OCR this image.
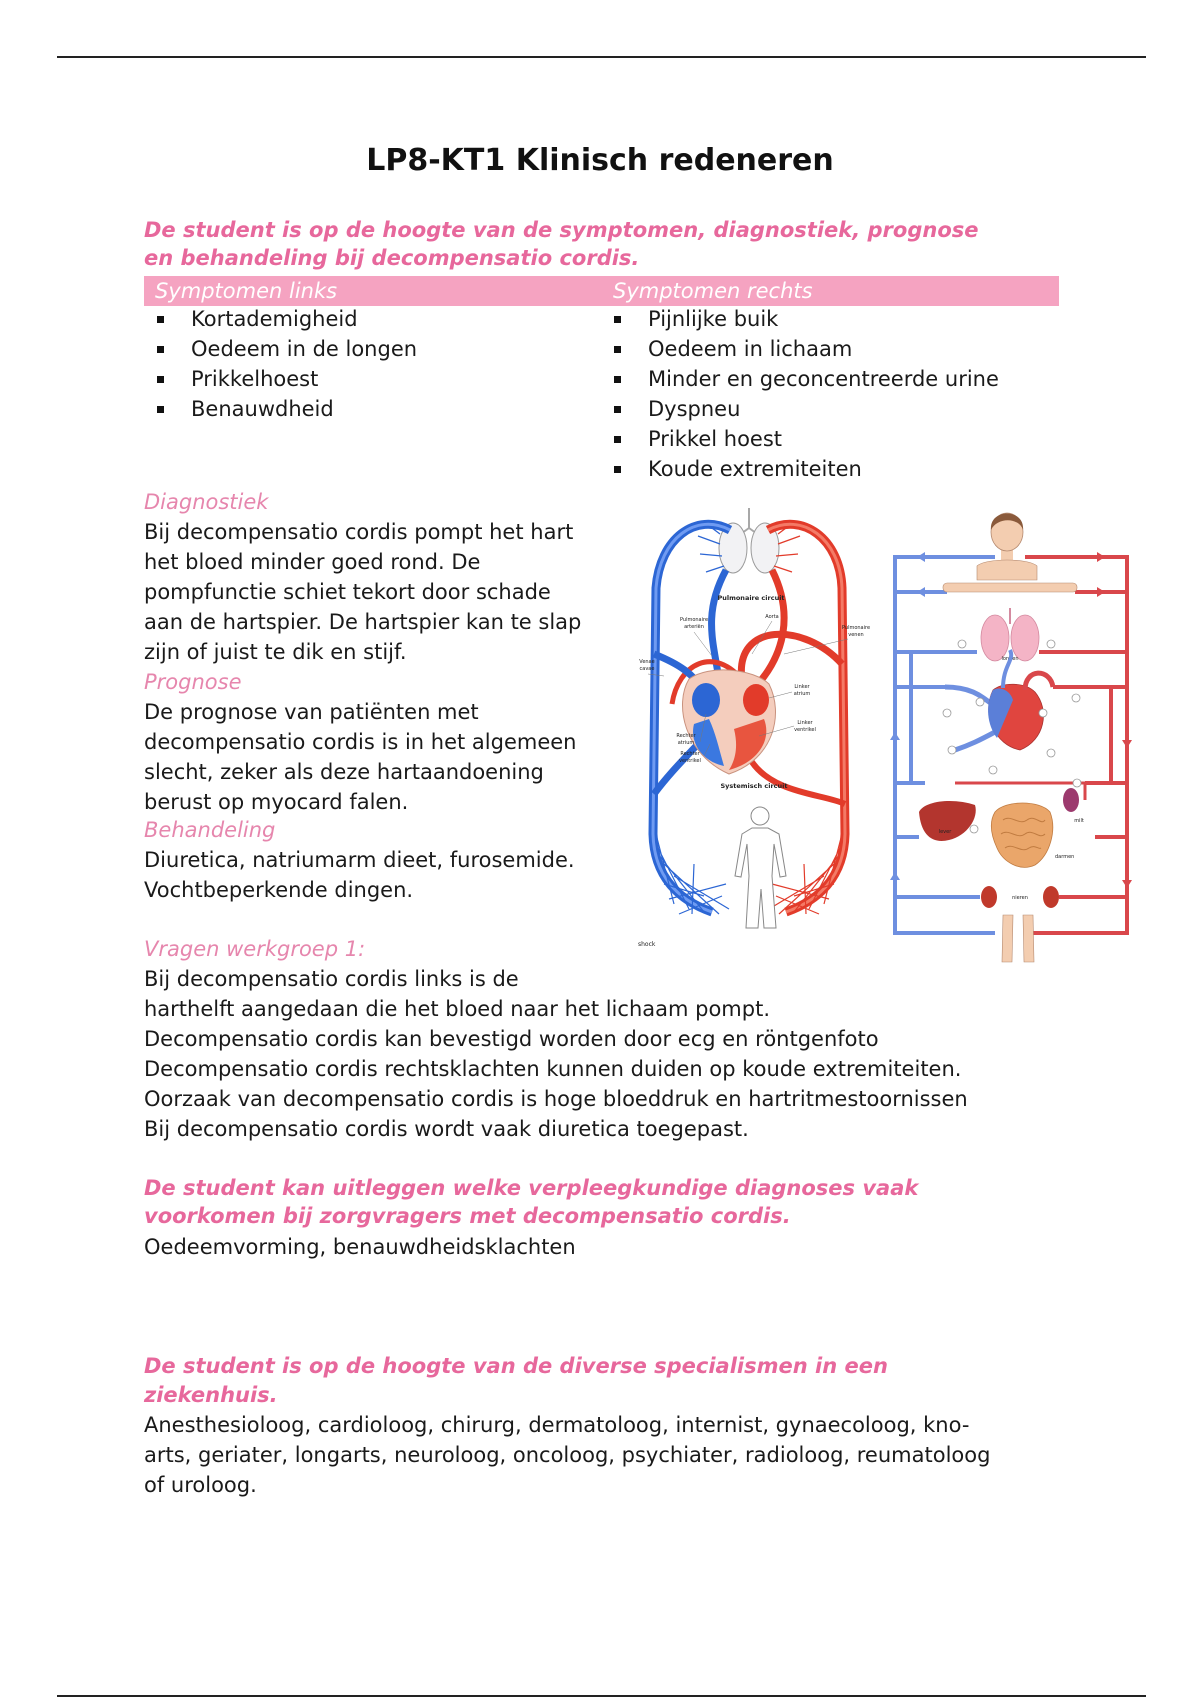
LP8-KT1 Klinisch redeneren
De student is op de hoogte van de symptomen, diagnostiek, prognose
en behandeling bij decompensatio cordis.
Symptomen links	Symptomen rechts
Kortademigheid
Oedeem in de longen
Prikkelhoest
Benauwdheid
Pijnlijke buik
Oedeem in lichaam
Minder en geconcentreerde urine
Dyspneu
Prikkel hoest
Koude extremiteiten
Diagnostiek
Bij decompensatio cordis pompt het hart
het bloed minder goed rond. De
pompfunctie schiet tekort door schade
aan de hartspier. De hartspier kan te slap
zijn of juist te dik en stijf.
Prognose
De prognose van patiënten met
decompensatio cordis is in het algemeen
slecht, zeker als deze hartaandoening
berust op myocard falen.
Behandeling
Diuretica, natriumarm dieet, furosemide.
Vochtbeperkende dingen.
Vragen werkgroep 1:
Bij decompensatio cordis links is de
harthelft aangedaan die het bloed naar het lichaam pompt.
Decompensatio cordis kan bevestigd worden door ecg en röntgenfoto
Decompensatio cordis rechtsklachten kunnen duiden op koude extremiteiten.
Oorzaak van decompensatio cordis is hoge bloeddruk en hartritmestoornissen
Bij decompensatio cordis wordt vaak diuretica toegepast.
De student kan uitleggen welke verpleegkundige diagnoses vaak
voorkomen bij zorgvragers met decompensatio cordis.
Oedeemvorming, benauwdheidsklachten
De student is op de hoogte van de diverse specialismen in een
ziekenhuis.
Anesthesioloog, cardioloog, chirurg, dermatoloog, internist, gynaecoloog, kno-
arts, geriater, longarts, neuroloog, oncoloog, psychiater, radioloog, reumatoloog
of uroloog.
Pulmonaire circuit
Pulmonaire
arteriën
Aorta
Pulmonaire
venen
Venae
cavae
Linker
atrium
Linker
ventrikel
Rechter
atrium
Rechter
ventrikel
Systemisch circuit
shock
longen
lever
milt
darmen
nieren
